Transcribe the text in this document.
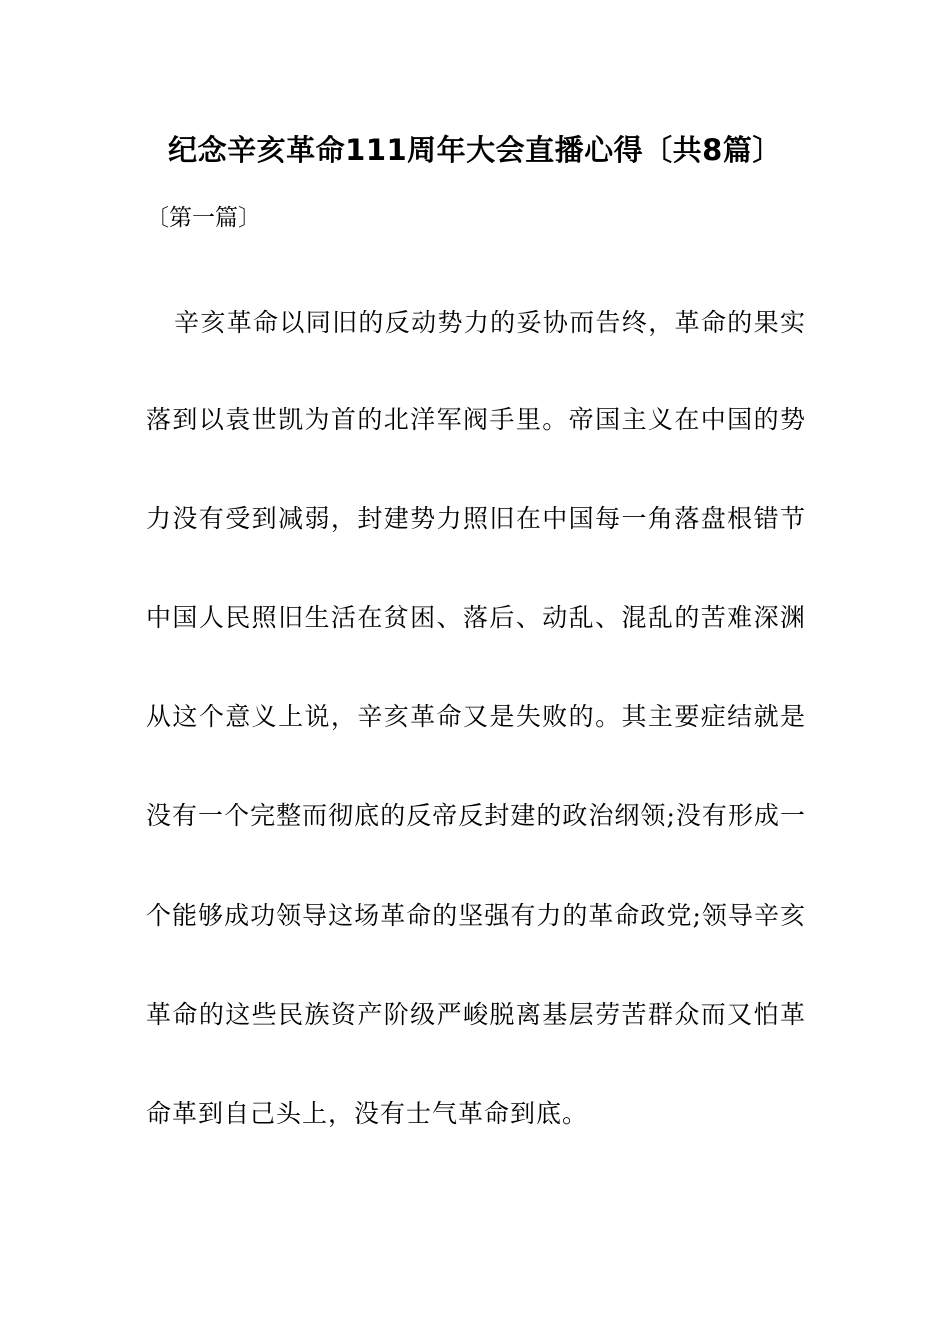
纪念辛亥革命111周年大会直播心得〔共8篇〕
〔第一篇〕
辛亥革命以同旧的反动势力的妥协而告终，革命的果实
落到以袁世凯为首的北洋军阀手里。帝国主义在中国的势
力没有受到减弱，封建势力照旧在中国每一角落盘根错节
中国人民照旧生活在贫困、落后、动乱、混乱的苦难深渊
从这个意义上说，辛亥革命又是失败的。其主要症结就是
没有一个完整而彻底的反帝反封建的政治纲领;没有形成一
个能够成功领导这场革命的坚强有力的革命政党;领导辛亥
革命的这些民族资产阶级严峻脱离基层劳苦群众而又怕革
命革到自己头上，没有士气革命到底。
